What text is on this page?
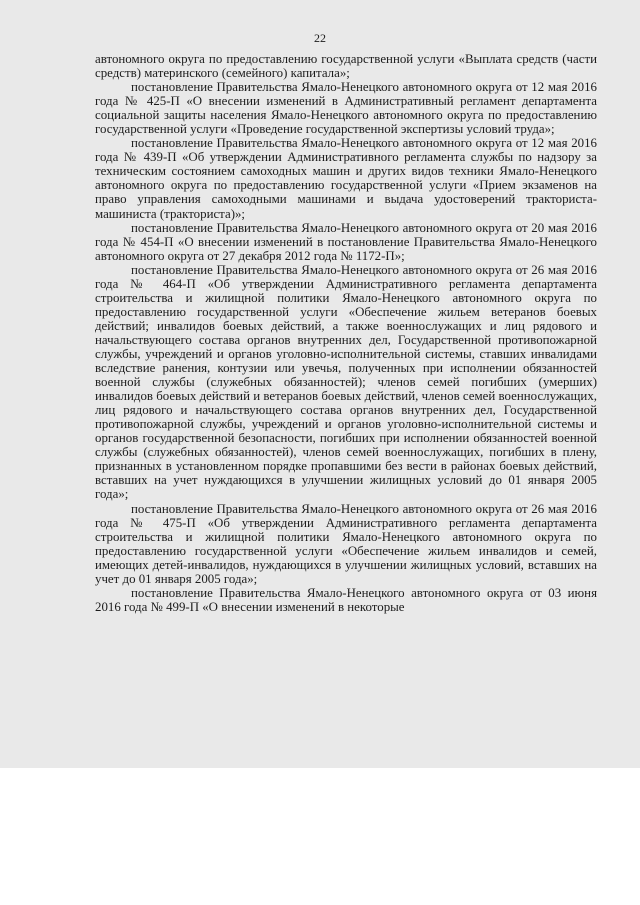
22

автономного округа по предоставлению государственной услуги «Выплата средств (части средств) материнского (семейного) капитала»;

постановление Правительства Ямало-Ненецкого автономного округа от 12 мая 2016 года № 425-П «О внесении изменений в Административный регламент департамента социальной защиты населения Ямало-Ненецкого автономного округа по предоставлению государственной услуги «Проведение государственной экспертизы условий труда»;

постановление Правительства Ямало-Ненецкого автономного округа от 12 мая 2016 года № 439-П «Об утверждении Административного регламента службы по надзору за техническим состоянием самоходных машин и других видов техники Ямало-Ненецкого автономного округа по предоставлению государственной услуги «Прием экзаменов на право управления самоходными машинами и выдача удостоверений тракториста-машиниста (тракториста)»;

постановление Правительства Ямало-Ненецкого автономного округа от 20 мая 2016 года № 454-П «О внесении изменений в постановление Правительства Ямало-Ненецкого автономного округа от 27 декабря 2012 года № 1172-П»;

постановление Правительства Ямало-Ненецкого автономного округа от 26 мая 2016 года № 464-П «Об утверждении Административного регламента департамента строительства и жилищной политики Ямало-Ненецкого автономного округа по предоставлению государственной услуги «Обеспечение жильем ветеранов боевых действий; инвалидов боевых действий, а также военнослужащих и лиц рядового и начальствующего состава органов внутренних дел, Государственной противопожарной службы, учреждений и органов уголовно-исполнительной системы, ставших инвалидами вследствие ранения, контузии или увечья, полученных при исполнении обязанностей военной службы (служебных обязанностей); членов семей погибших (умерших) инвалидов боевых действий и ветеранов боевых действий, членов семей военнослужащих, лиц рядового и начальствующего состава органов внутренних дел, Государственной противопожарной службы, учреждений и органов уголовно-исполнительной системы и органов государственной безопасности, погибших при исполнении обязанностей военной службы (служебных обязанностей), членов семей военнослужащих, погибших в плену, признанных в установленном порядке пропавшими без вести в районах боевых действий, вставших на учет нуждающихся в улучшении жилищных условий до 01 января 2005 года»;

постановление Правительства Ямало-Ненецкого автономного округа от 26 мая 2016 года № 475-П «Об утверждении Административного регламента департамента строительства и жилищной политики Ямало-Ненецкого автономного округа по предоставлению государственной услуги «Обеспечение жильем инвалидов и семей, имеющих детей-инвалидов, нуждающихся в улучшении жилищных условий, вставших на учет до 01 января 2005 года»;

постановление Правительства Ямало-Ненецкого автономного округа от 03 июня 2016 года № 499-П «О внесении изменений в некоторые
